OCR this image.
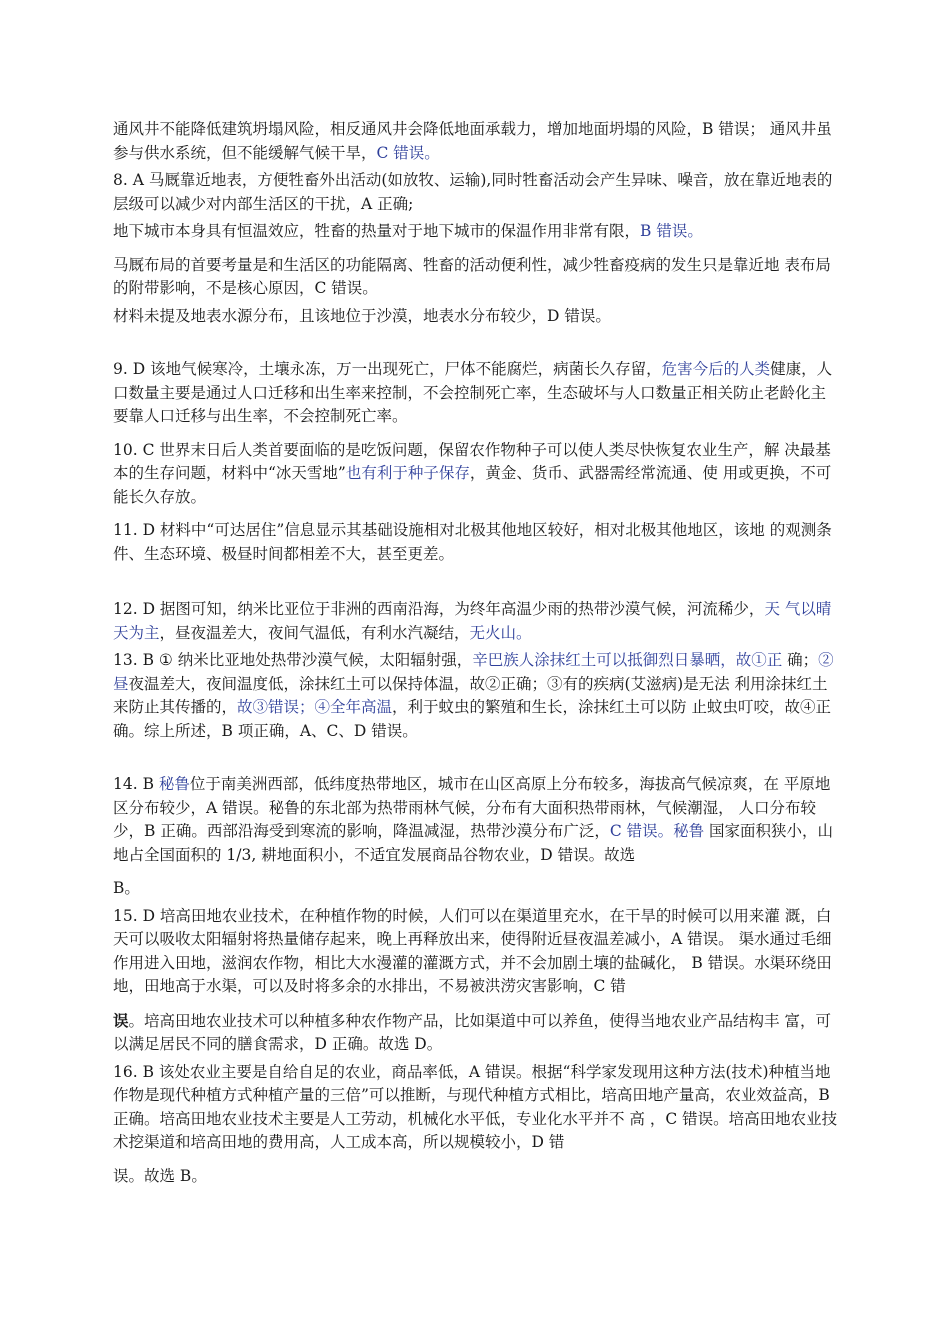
通风井不能降低建筑坍塌风险，相反通风井会降低地面承载力，增加地面坍塌的风险，B 错误； 通风井虽参与供水系统，但不能缓解气候干旱，C 错误。

8. A 马厩靠近地表，方便牲畜外出活动(如放牧、运输),同时牲畜活动会产生异味、噪音，放在靠近地表的层级可以减少对内部生活区的干扰，A 正确;

地下城市本身具有恒温效应，牲畜的热量对于地下城市的保温作用非常有限，B 错误。

马厩布局的首要考量是和生活区的功能隔离、牲畜的活动便利性，减少牲畜疫病的发生只是靠近地 表布局的附带影响，不是核心原因，C 错误。

材料未提及地表水源分布，且该地位于沙漠，地表水分布较少，D 错误。

9. D 该地气候寒冷，土壤永冻，万一出现死亡，尸体不能腐烂，病菌长久存留，危害今后的人类健康，人口数量主要是通过人口迁移和出生率来控制，不会控制死亡率，生态破坏与人口数量正相关防止老龄化主要靠人口迁移与出生率，不会控制死亡率。

10. C 世界末日后人类首要面临的是吃饭问题，保留农作物种子可以使人类尽快恢复农业生产，解 决最基本的生存问题，材料中“冰天雪地”也有利于种子保存，黄金、货币、武器需经常流通、使 用或更换，不可能长久存放。

11. D 材料中“可达居住”信息显示其基础设施相对北极其他地区较好，相对北极其他地区，该地 的观测条件、生态环境、极昼时间都相差不大，甚至更差。

12. D 据图可知，纳米比亚位于非洲的西南沿海，为终年高温少雨的热带沙漠气候，河流稀少，天 气以晴天为主，昼夜温差大，夜间气温低，有利水汽凝结，无火山。

13. B ① 纳米比亚地处热带沙漠气候，太阳辐射强，辛巴族人涂抹红土可以抵御烈日暴晒，故①正 确；②昼夜温差大，夜间温度低，涂抹红土可以保持体温，故②正确；③有的疾病(艾滋病)是无法 利用涂抹红土来防止其传播的，故③错误；④全年高温，利于蚊虫的繁殖和生长，涂抹红土可以防 止蚊虫叮咬，故④正确。综上所述，B 项正确，A、C、D 错误。

14. B 秘鲁位于南美洲西部，低纬度热带地区，城市在山区高原上分布较多，海拔高气候凉爽，在 平原地区分布较少，A 错误。秘鲁的东北部为热带雨林气候，分布有大面积热带雨林，气候潮湿， 人口分布较少，B 正确。西部沿海受到寒流的影响，降温减湿，热带沙漠分布广泛，C 错误。秘鲁 国家面积狭小，山地占全国面积的 1/3, 耕地面积小，不适宜发展商品谷物农业，D 错误。故选

B。

15. D 培高田地农业技术，在种植作物的时候，人们可以在渠道里充水，在干旱的时候可以用来灌 溉，白天可以吸收太阳辐射将热量储存起来，晚上再释放出来，使得附近昼夜温差减小，A 错误。 渠水通过毛细作用进入田地，滋润农作物，相比大水漫灌的灌溉方式，并不会加剧土壤的盐碱化， B 错误。水渠环绕田地，田地高于水渠，可以及时将多余的水排出，不易被洪涝灾害影响，C 错

误。培高田地农业技术可以种植多种农作物产品，比如渠道中可以养鱼，使得当地农业产品结构丰 富，可以满足居民不同的膳食需求，D 正确。故选 D。

16. B 该处农业主要是自给自足的农业，商品率低，A 错误。根据“科学家发现用这种方法(技术)种植当地作物是现代种植方式种植产量的三倍”可以推断，与现代种植方式相比，培高田地产量高，农业效益高，B 正确。培高田地农业技术主要是人工劳动，机械化水平低，专业化水平并不 高 ，C 错误。培高田地农业技术挖渠道和培高田地的费用高，人工成本高，所以规模较小，D 错

误。故选 B。
